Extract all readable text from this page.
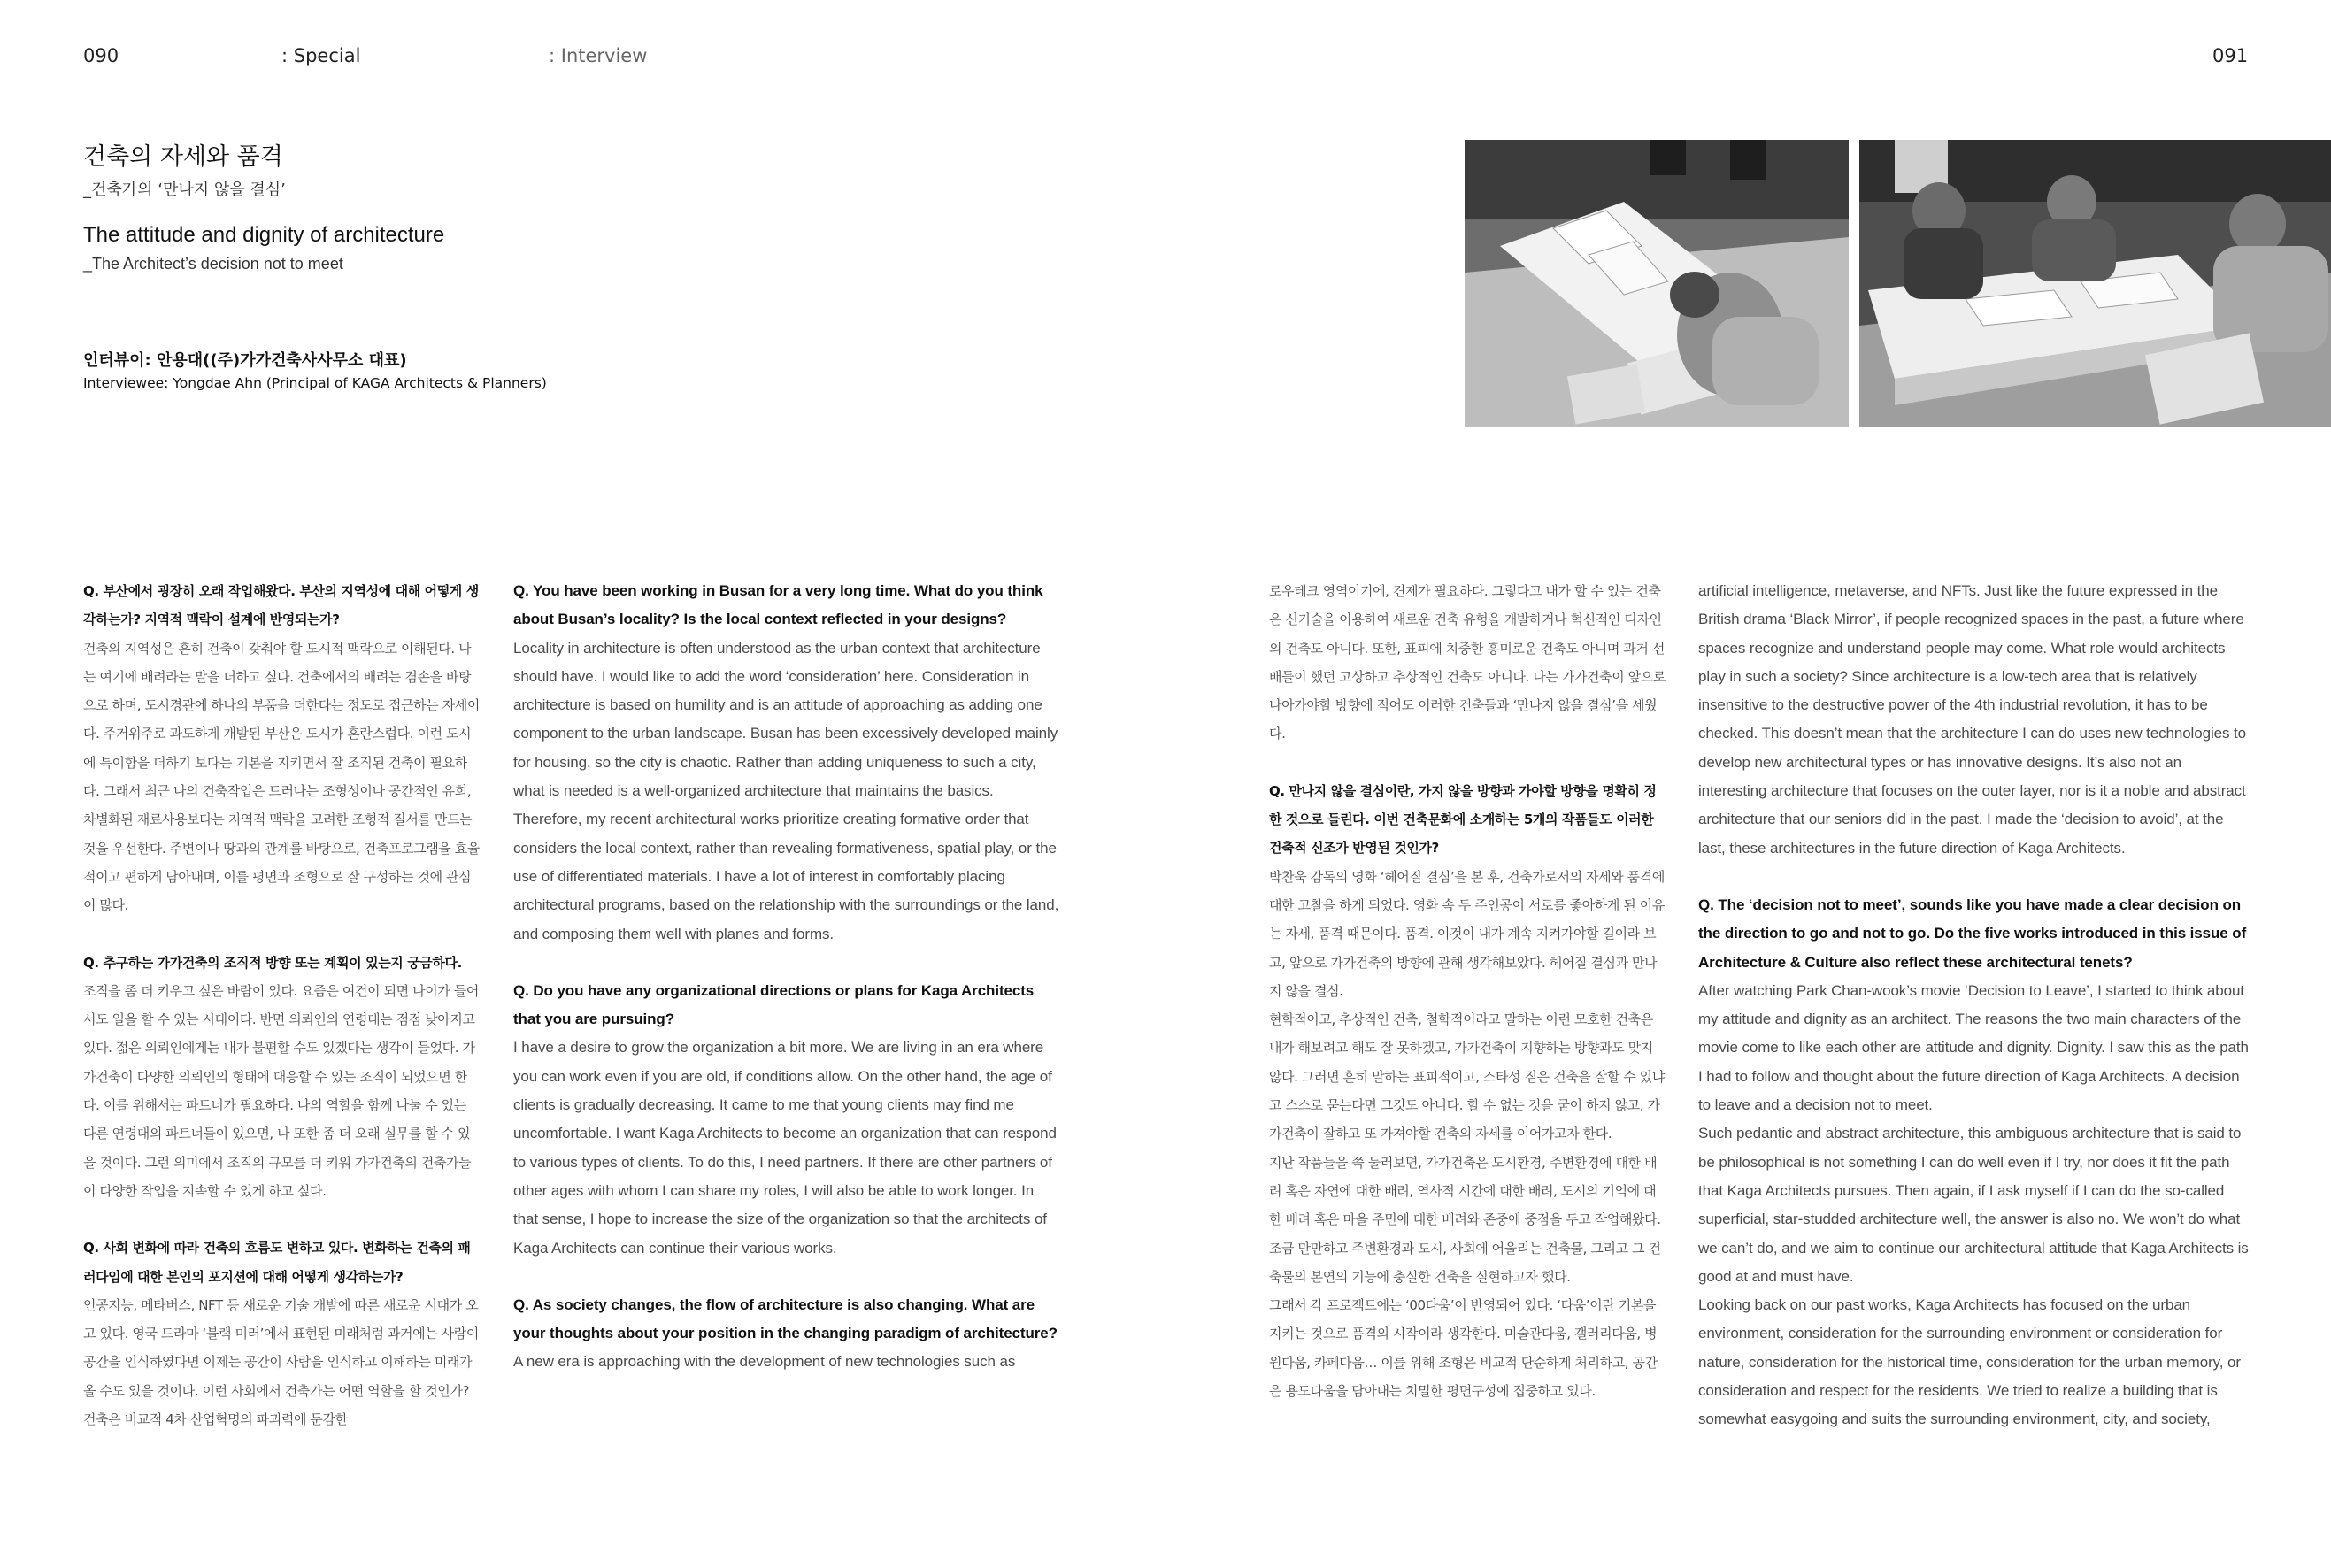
090	: Special	: Interview	091
건축의 자세와 품격
_건축가의 ‘만나지 않을 결심’
The attitude and dignity of architecture
_The Architect’s decision not to meet
인터뷰이: 안용대((주)가가건축사사무소 대표)
Interviewee: Yongdae Ahn (Principal of KAGA Architects & Planners)

Q. 부산에서 굉장히 오래 작업해왔다. 부산의 지역성에 대해 어떻게 생각하는가? 지역적 맥락이 설계에 반영되는가?

건축의 지역성은 흔히 건축이 갖춰야 할 도시적 맥락으로 이해된다. 나는 여기에 배려라는 말을 더하고 싶다. 건축에서의 배려는 겸손을 바탕으로 하며, 도시경관에 하나의 부품을 더한다는 정도로 접근하는 자세이다. 주거위주로 과도하게 개발된 부산은 도시가 혼란스럽다. 이런 도시에 특이함을 더하기 보다는 기본을 지키면서 잘 조직된 건축이 필요하다. 그래서 최근 나의 건축작업은 드러나는 조형성이나 공간적인 유희, 차별화된 재료사용보다는 지역적 맥락을 고려한 조형적 질서를 만드는 것을 우선한다. 주변이나 땅과의 관계를 바탕으로, 건축프로그램을 효율적이고 편하게 담아내며, 이를 평면과 조형으로 잘 구성하는 것에 관심이 많다.

Q. 추구하는 가가건축의 조직적 방향 또는 계획이 있는지 궁금하다.

조직을 좀 더 키우고 싶은 바람이 있다. 요즘은 여건이 되면 나이가 들어서도 일을 할 수 있는 시대이다. 반면 의뢰인의 연령대는 점점 낮아지고 있다. 젊은 의뢰인에게는 내가 불편할 수도 있겠다는 생각이 들었다. 가가건축이 다양한 의뢰인의 형태에 대응할 수 있는 조직이 되었으면 한다. 이를 위해서는 파트너가 필요하다. 나의 역할을 함께 나눌 수 있는 다른 연령대의 파트너들이 있으면, 나 또한 좀 더 오래 실무를 할 수 있을 것이다. 그런 의미에서 조직의 규모를 더 키워 가가건축의 건축가들이 다양한 작업을 지속할 수 있게 하고 싶다.

Q. 사회 변화에 따라 건축의 흐름도 변하고 있다. 변화하는 건축의 패러다임에 대한 본인의 포지션에 대해 어떻게 생각하는가?

인공지능, 메타버스, NFT 등 새로운 기술 개발에 따른 새로운 시대가 오고 있다. 영국 드라마 ‘블랙 미러’에서 표현된 미래처럼 과거에는 사람이 공간을 인식하였다면 이제는 공간이 사람을 인식하고 이해하는 미래가 올 수도 있을 것이다. 이런 사회에서 건축가는 어떤 역할을 할 것인가? 건축은 비교적 4차 산업혁명의 파괴력에 둔감한

Q. You have been working in Busan for a very long time. What do you think about Busan’s locality? Is the local context reflected in your designs?

Locality in architecture is often understood as the urban context that architecture should have. I would like to add the word ‘consideration’ here. Consideration in architecture is based on humility and is an attitude of approaching as adding one component to the urban landscape. Busan has been excessively developed mainly for housing, so the city is chaotic. Rather than adding uniqueness to such a city, what is needed is a well-organized architecture that maintains the basics. Therefore, my recent architectural works prioritize creating formative order that considers the local context, rather than revealing formativeness, spatial play, or the use of differentiated materials. I have a lot of interest in comfortably placing architectural programs, based on the relationship with the surroundings or the land, and composing them well with planes and forms.

Q. Do you have any organizational directions or plans for Kaga Architects that you are pursuing?

I have a desire to grow the organization a bit more. We are living in an era where you can work even if you are old, if conditions allow. On the other hand, the age of clients is gradually decreasing. It came to me that young clients may find me uncomfortable. I want Kaga Architects to become an organization that can respond to various types of clients. To do this, I need partners. If there are other partners of other ages with whom I can share my roles, I will also be able to work longer. In that sense, I hope to increase the size of the organization so that the architects of Kaga Architects can continue their various works.

Q. As society changes, the flow of architecture is also changing. What are your thoughts about your position in the changing paradigm of architecture?

A new era is approaching with the development of new technologies such as

로우테크 영역이기에, 견제가 필요하다. 그렇다고 내가 할 수 있는 건축은 신기술을 이용하여 새로운 건축 유형을 개발하거나 혁신적인 디자인의 건축도 아니다. 또한, 표피에 치중한 흥미로운 건축도 아니며 과거 선배들이 했던 고상하고 추상적인 건축도 아니다. 나는 가가건축이 앞으로 나아가야할 방향에 적어도 이러한 건축들과 ‘만나지 않을 결심’을 세웠다.

Q. 만나지 않을 결심이란, 가지 않을 방향과 가야할 방향을 명확히 정한 것으로 들린다. 이번 건축문화에 소개하는 5개의 작품들도 이러한 건축적 신조가 반영된 것인가?

박찬욱 감독의 영화 ‘헤어질 결심’을 본 후, 건축가로서의 자세와 품격에 대한 고찰을 하게 되었다. 영화 속 두 주인공이 서로를 좋아하게 된 이유는 자세, 품격 때문이다. 품격. 이것이 내가 계속 지켜가야할 길이라 보고, 앞으로 가가건축의 방향에 관해 생각해보았다. 헤어질 결심과 만나지 않을 결심.

현학적이고, 추상적인 건축, 철학적이라고 말하는 이런 모호한 건축은 내가 해보려고 해도 잘 못하겠고, 가가건축이 지향하는 방향과도 맞지 않다. 그러면 흔히 말하는 표피적이고, 스타성 짙은 건축을 잘할 수 있냐고 스스로 묻는다면 그것도 아니다. 할 수 없는 것을 굳이 하지 않고, 가가건축이 잘하고 또 가져야할 건축의 자세를 이어가고자 한다.

지난 작품들을 쭉 둘러보면, 가가건축은 도시환경, 주변환경에 대한 배려 혹은 자연에 대한 배려, 역사적 시간에 대한 배려, 도시의 기억에 대한 배려 혹은 마을 주민에 대한 배려와 존중에 중점을 두고 작업해왔다. 조금 만만하고 주변환경과 도시, 사회에 어울리는 건축물, 그리고 그 건축물의 본연의 기능에 충실한 건축을 실현하고자 했다.

그래서 각 프로젝트에는 ‘00다움’이 반영되어 있다. ‘다움’이란 기본을 지키는 것으로 품격의 시작이라 생각한다. 미술관다움, 갤러리다움, 병원다움, 카페다움… 이를 위해 조형은 비교적 단순하게 처리하고, 공간은 용도다움을 담아내는 치밀한 평면구성에 집중하고 있다.

artificial intelligence, metaverse, and NFTs. Just like the future expressed in the British drama ‘Black Mirror’, if people recognized spaces in the past, a future where spaces recognize and understand people may come. What role would architects play in such a society? Since architecture is a low-tech area that is relatively insensitive to the destructive power of the 4th industrial revolution, it has to be checked. This doesn’t mean that the architecture I can do uses new technologies to develop new architectural types or has innovative designs. It’s also not an interesting architecture that focuses on the outer layer, nor is it a noble and abstract architecture that our seniors did in the past. I made the ‘decision to avoid’, at the last, these architectures in the future direction of Kaga Architects.

Q. The ‘decision not to meet’, sounds like you have made a clear decision on the direction to go and not to go. Do the five works introduced in this issue of Architecture & Culture also reflect these architectural tenets?

After watching Park Chan-wook’s movie ‘Decision to Leave’, I started to think about my attitude and dignity as an architect. The reasons the two main characters of the movie come to like each other are attitude and dignity. Dignity. I saw this as the path I had to follow and thought about the future direction of Kaga Architects. A decision to leave and a decision not to meet.

Such pedantic and abstract architecture, this ambiguous architecture that is said to be philosophical is not something I can do well even if I try, nor does it fit the path that Kaga Architects pursues. Then again, if I ask myself if I can do the so-called superficial, star-studded architecture well, the answer is also no. We won’t do what we can’t do, and we aim to continue our architectural attitude that Kaga Architects is good at and must have.

Looking back on our past works, Kaga Architects has focused on the urban environment, consideration for the surrounding environment or consideration for nature, consideration for the historical time, consideration for the urban memory, or consideration and respect for the residents. We tried to realize a building that is somewhat easygoing and suits the surrounding environment, city, and society,
